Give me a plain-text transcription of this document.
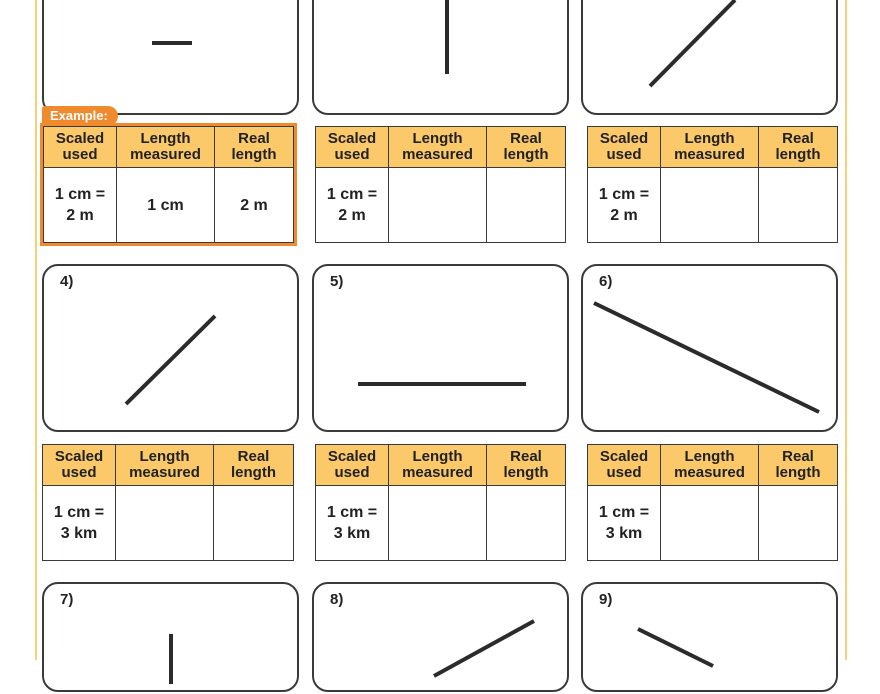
Example:
Scaled used	Length measured	Real length
1 cm =
2 m	1 cm	2 m
Scaled used	Length measured	Real length
1 cm =
2 m		
Scaled used	Length measured	Real length
1 cm =
2 m		
4)	5)	6)
Scaled used	Length measured	Real length
1 cm =
3 km		
Scaled used	Length measured	Real length
1 cm =
3 km		
Scaled used	Length measured	Real length
1 cm =
3 km		
7)	8)	9)
